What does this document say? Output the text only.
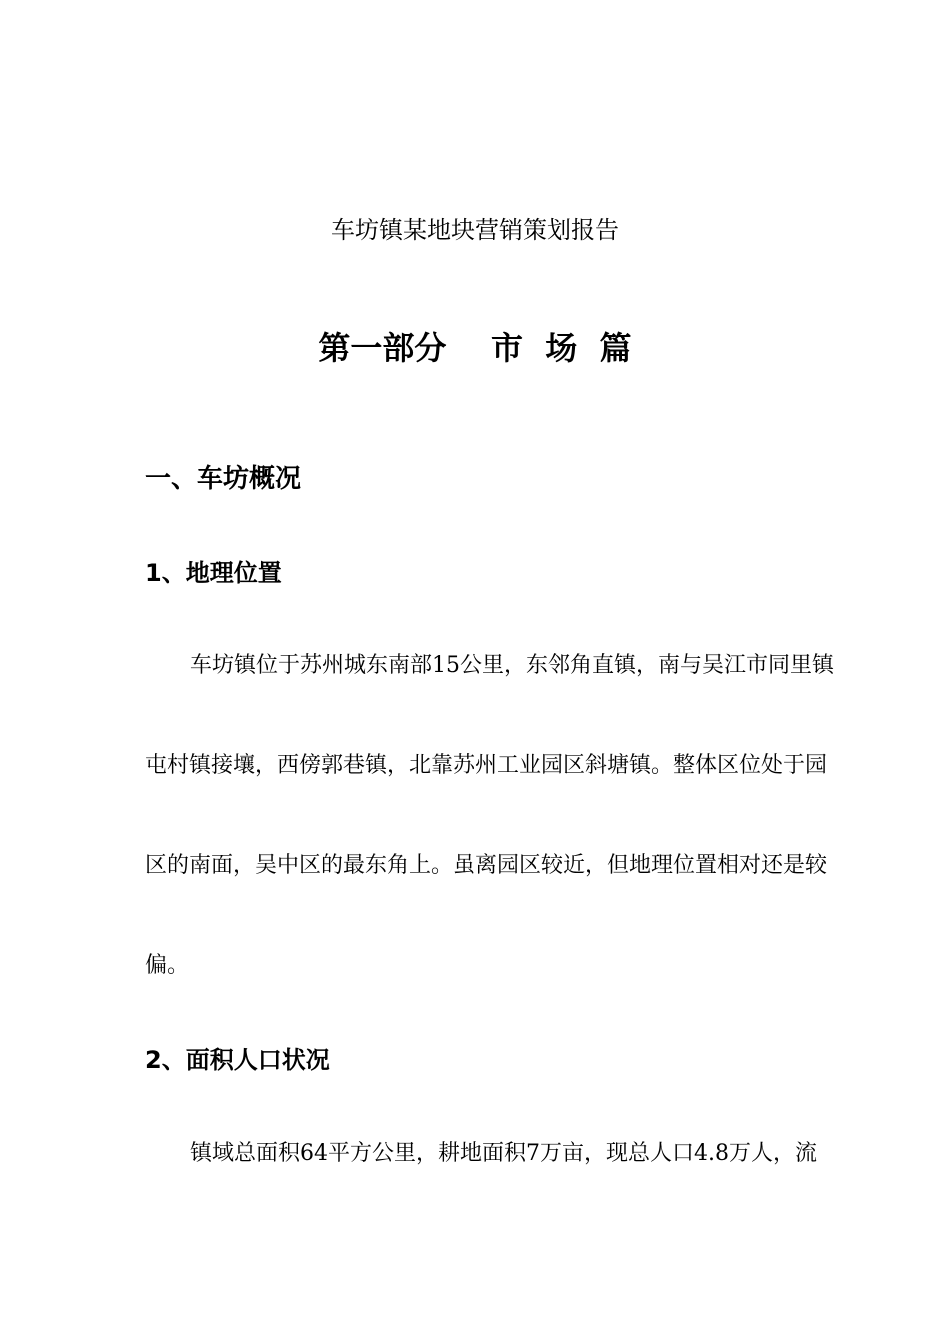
车坊镇某地块营销策划报告
第一部分    市  场  篇
一、车坊概况
1、地理位置
车坊镇位于苏州城东南部15公里，东邻角直镇，南与吴江市同里镇
屯村镇接壤，西傍郭巷镇，北靠苏州工业园区斜塘镇。整体区位处于园
区的南面，吴中区的最东角上。虽离园区较近，但地理位置相对还是较
偏。
2、面积人口状况
镇域总面积64平方公里，耕地面积7万亩，现总人口4.8万人，流
